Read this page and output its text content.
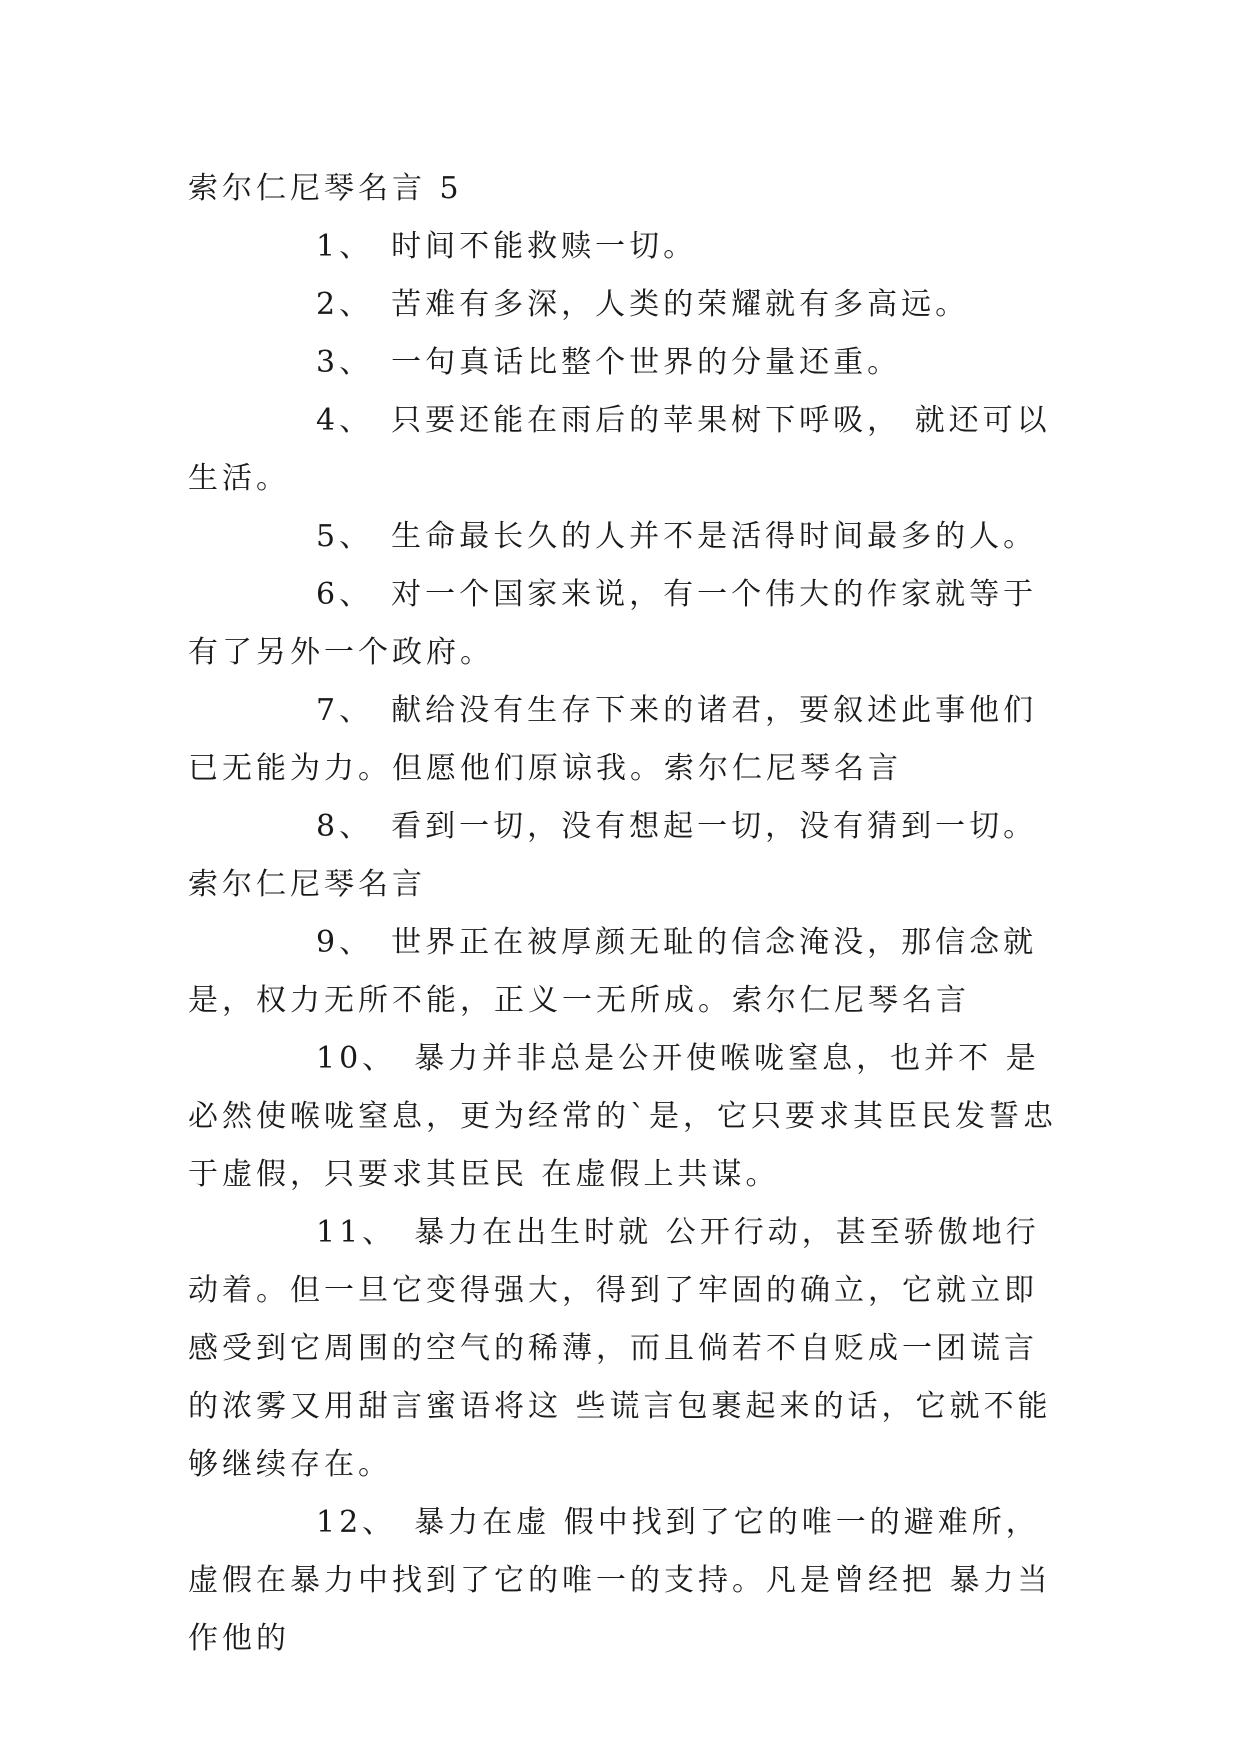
索尔仁尼琴名言 5

1、 时间不能救赎一切。

2、 苦难有多深，人类的荣耀就有多高远。

3、 一句真话比整个世界的分量还重。

4、 只要还能在雨后的苹果树下呼吸， 就还可以生活。

5、 生命最长久的人并不是活得时间最多的人。

6、 对一个国家来说，有一个伟大的作家就等于有了另外一个政府。

7、 献给没有生存下来的诸君，要叙述此事他们已无能为力。但愿他们原谅我。索尔仁尼琴名言

8、 看到一切，没有想起一切，没有猜到一切。索尔仁尼琴名言

9、 世界正在被厚颜无耻的信念淹没，那信念就是，权力无所不能，正义一无所成。索尔仁尼琴名言

10、 暴力并非总是公开使喉咙窒息，也并不 是必然使喉咙窒息，更为经常的`是，它只要求其臣民发誓忠于虚假，只要求其臣民 在虚假上共谋。

11、 暴力在出生时就 公开行动，甚至骄傲地行动着。但一旦它变得强大，得到了牢固的确立，它就立即 感受到它周围的空气的稀薄，而且倘若不自贬成一团谎言的浓雾又用甜言蜜语将这 些谎言包裹起来的话，它就不能够继续存在。

12、 暴力在虚 假中找到了它的唯一的避难所，虚假在暴力中找到了它的唯一的支持。凡是曾经把 暴力当作他的
